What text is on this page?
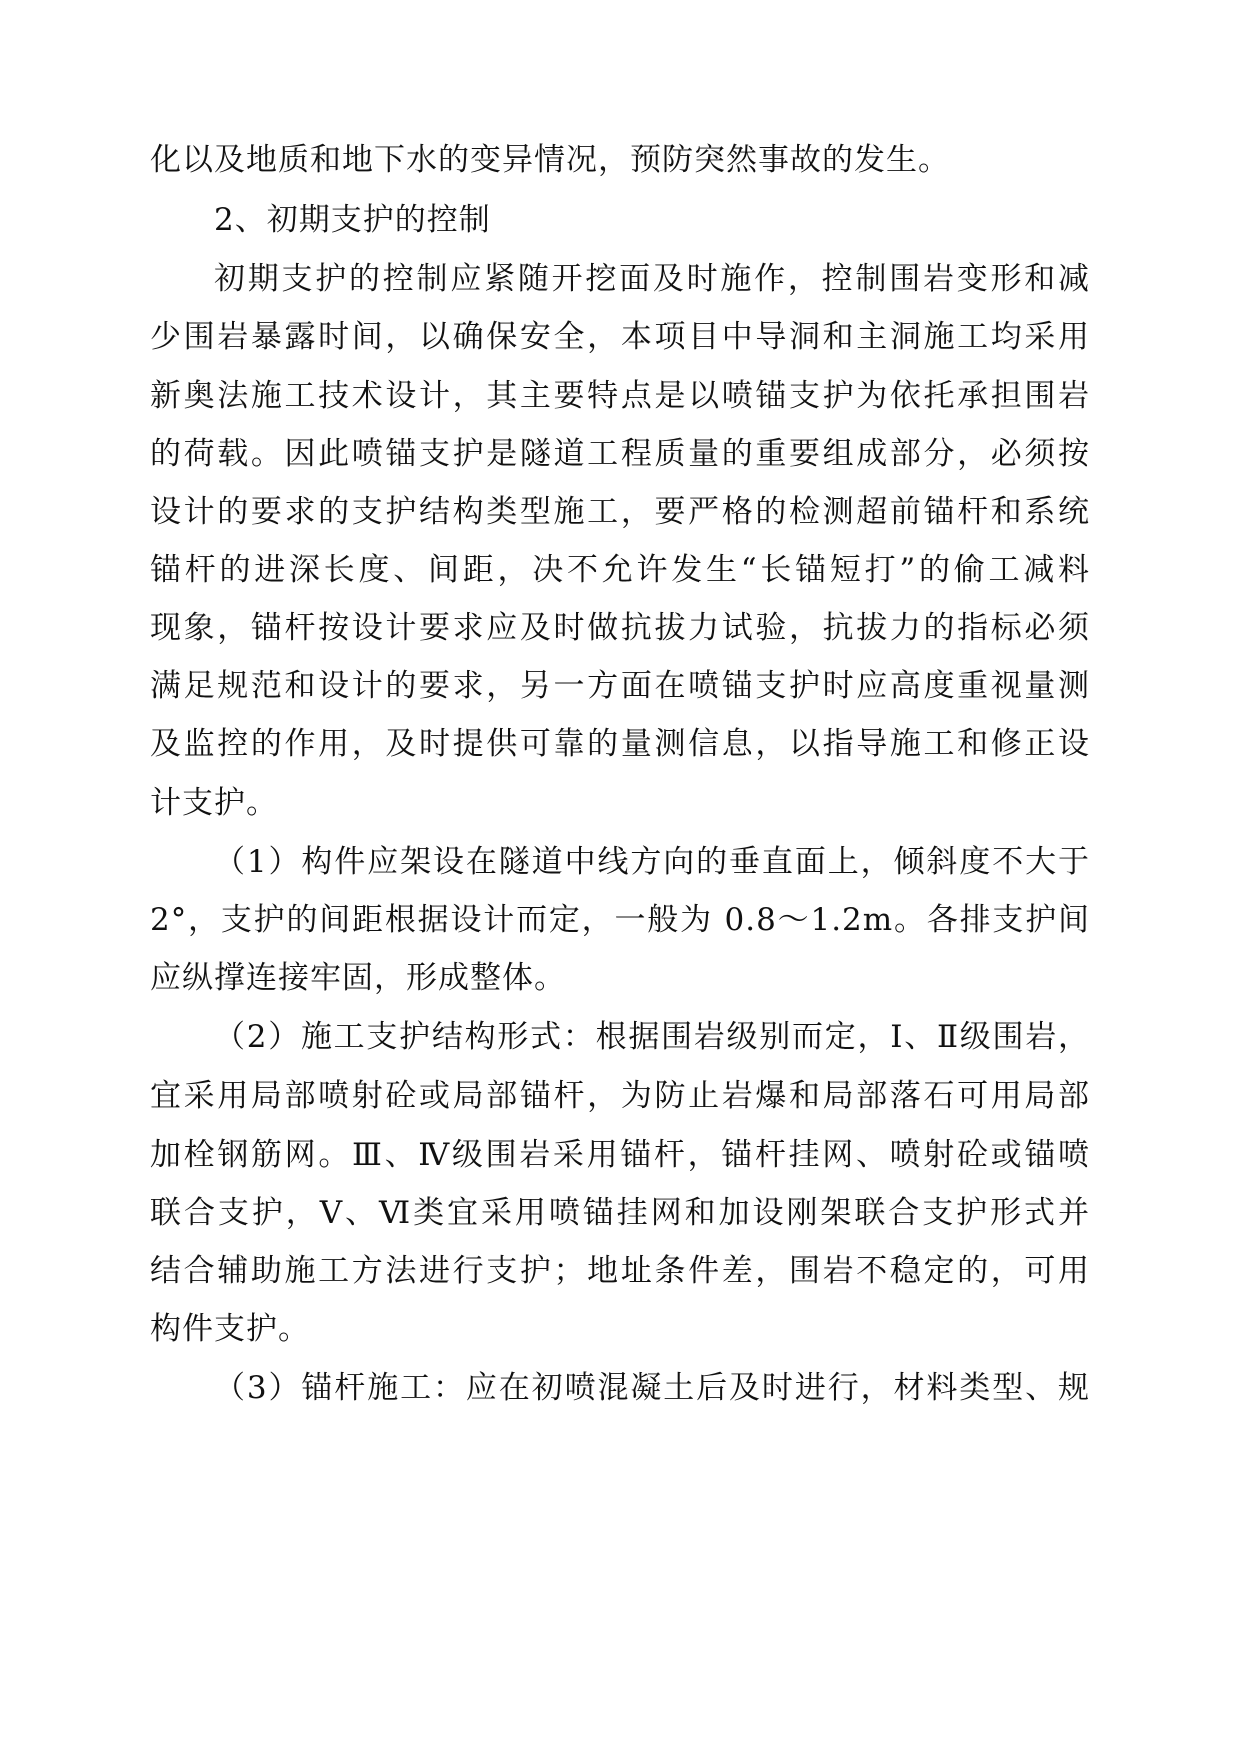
化以及地质和地下水的变异情况，预防突然事故的发生。
2、初期支护的控制
初期支护的控制应紧随开挖面及时施作，控制围岩变形和减
少围岩暴露时间，以确保安全，本项目中导洞和主洞施工均采用
新奥法施工技术设计，其主要特点是以喷锚支护为依托承担围岩
的荷载。因此喷锚支护是隧道工程质量的重要组成部分，必须按
设计的要求的支护结构类型施工，要严格的检测超前锚杆和系统
锚杆的进深长度、间距，决不允许发生“长锚短打”的偷工减料
现象，锚杆按设计要求应及时做抗拔力试验，抗拔力的指标必须
满足规范和设计的要求，另一方面在喷锚支护时应高度重视量测
及监控的作用，及时提供可靠的量测信息，以指导施工和修正设
计支护。
（1）构件应架设在隧道中线方向的垂直面上，倾斜度不大于
2°，支护的间距根据设计而定，一般为 0.8～1.2m。各排支护间
应纵撑连接牢固，形成整体。
（2）施工支护结构形式：根据围岩级别而定，Ⅰ、Ⅱ级围岩，
宜采用局部喷射砼或局部锚杆，为防止岩爆和局部落石可用局部
加栓钢筋网。Ⅲ、Ⅳ级围岩采用锚杆，锚杆挂网、喷射砼或锚喷
联合支护，Ⅴ、Ⅵ类宜采用喷锚挂网和加设刚架联合支护形式并
结合辅助施工方法进行支护；地址条件差，围岩不稳定的，可用
构件支护。
（3）锚杆施工：应在初喷混凝土后及时进行，材料类型、规
